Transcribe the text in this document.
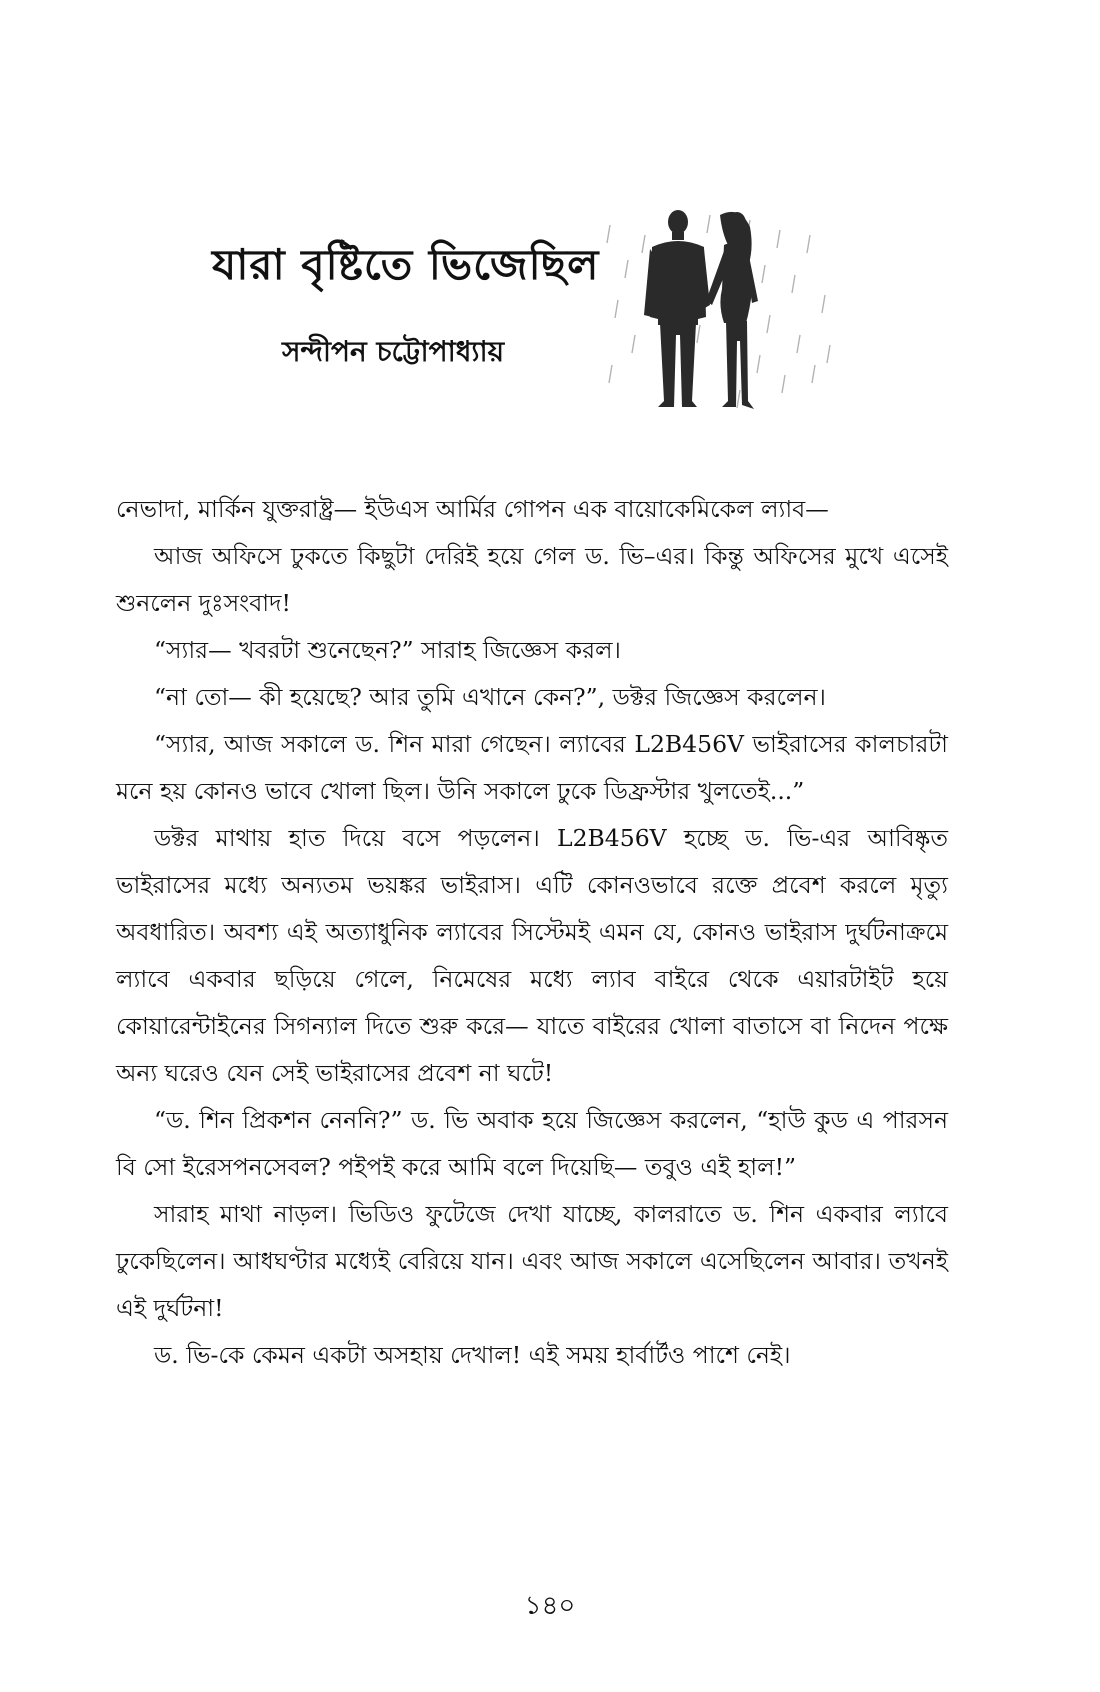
যারা বৃষ্টিতে ভিজেছিল
সন্দীপন চট্টোপাধ্যায়

নেভাদা, মার্কিন যুক্তরাষ্ট্র— ইউএস আর্মির গোপন এক বায়োকেমিকেল ল্যাব—

আজ অফিসে ঢুকতে কিছুটা দেরিই হয়ে গেল ড. ভি–এর। কিন্তু অফিসের মুখে এসেই শুনলেন দুঃসংবাদ!

“স্যার— খবরটা শুনেছেন?” সারাহ জিজ্ঞেস করল।

“না তো— কী হয়েছে? আর তুমি এখানে কেন?”, ডক্টর জিজ্ঞেস করলেন।

“স্যার, আজ সকালে ড. শিন মারা গেছেন। ল্যাবের L2B456V ভাইরাসের কালচারটা মনে হয় কোনও ভাবে খোলা ছিল। উনি সকালে ঢুকে ডিফ্রস্টার খুলতেই...”

ডক্টর মাথায় হাত দিয়ে বসে পড়লেন। L2B456V হচ্ছে ড. ভি-এর আবিষ্কৃত ভাইরাসের মধ্যে অন্যতম ভয়ঙ্কর ভাইরাস। এটি কোনওভাবে রক্তে প্রবেশ করলে মৃত্যু অবধারিত। অবশ্য এই অত্যাধুনিক ল্যাবের সিস্টেমই এমন যে, কোনও ভাইরাস দুর্ঘটনাক্রমে ল্যাবে একবার ছড়িয়ে গেলে, নিমেষের মধ্যে ল্যাব বাইরে থেকে এয়ারটাইট হয়ে কোয়ারেন্টাইনের সিগন্যাল দিতে শুরু করে— যাতে বাইরের খোলা বাতাসে বা নিদেন পক্ষে অন্য ঘরেও যেন সেই ভাইরাসের প্রবেশ না ঘটে!

“ড. শিন প্রিকশন নেননি?” ড. ভি অবাক হয়ে জিজ্ঞেস করলেন, “হাউ কুড এ পারসন বি সো ইরেসপনসেবল? পইপই করে আমি বলে দিয়েছি— তবুও এই হাল!”

সারাহ মাথা নাড়ল। ভিডিও ফুটেজে দেখা যাচ্ছে, কালরাতে ড. শিন একবার ল্যাবে ঢুকেছিলেন। আধঘণ্টার মধ্যেই বেরিয়ে যান। এবং আজ সকালে এসেছিলেন আবার। তখনই এই দুর্ঘটনা!

ড. ভি-কে কেমন একটা অসহায় দেখাল! এই সময় হার্বার্টও পাশে নেই।

১৪০
